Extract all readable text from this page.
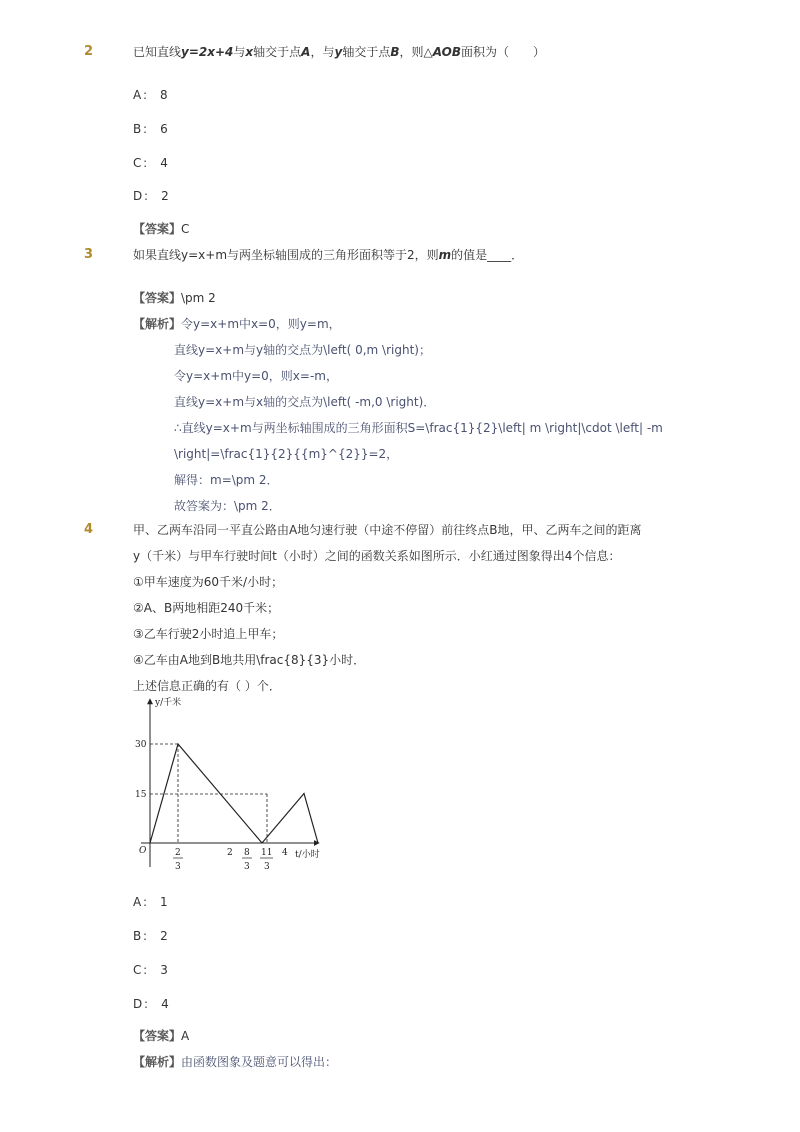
2	已知直线y=2x+4与x轴交于点A，与y轴交于点B，则△AOB面积为（　　）
A： 8
B： 6
C： 4
D： 2
【答案】C
3	如果直线y=x+m与两坐标轴围成的三角形面积等于2，则m的值是____．
【答案】\pm 2
【解析】令y=x+m中x=0，则y=m，
直线y=x+m与y轴的交点为\left( 0,m \right)；
令y=x+m中y=0，则x=-m，
直线y=x+m与x轴的交点为\left( -m,0 \right)．
∴直线y=x+m与两坐标轴围成的三角形面积S=\frac{1}{2}\left| m \right|\cdot \left| -m
\right|=\frac{1}{2}{{m}^{2}}=2，
解得：m=\pm 2．
故答案为：\pm 2．
4	甲、乙两车沿同一平直公路由A地匀速行驶（中途不停留）前往终点B地，甲、乙两车之间的距离
y（千米）与甲车行驶时间t（小时）之间的函数关系如图所示．小红通过图象得出4个信息：
①甲车速度为60千米/小时；
②A、B两地相距240千米；
③乙车行驶2小时追上甲车；
④乙车由A地到B地共用\frac{8}{3}小时．
上述信息正确的有（ ）个．
y/千米
t/小时
O
30
15
2
3
2 8
3
11
3
4
A： 1
B： 2
C： 3
D： 4
【答案】A
【解析】由函数图象及题意可以得出：
